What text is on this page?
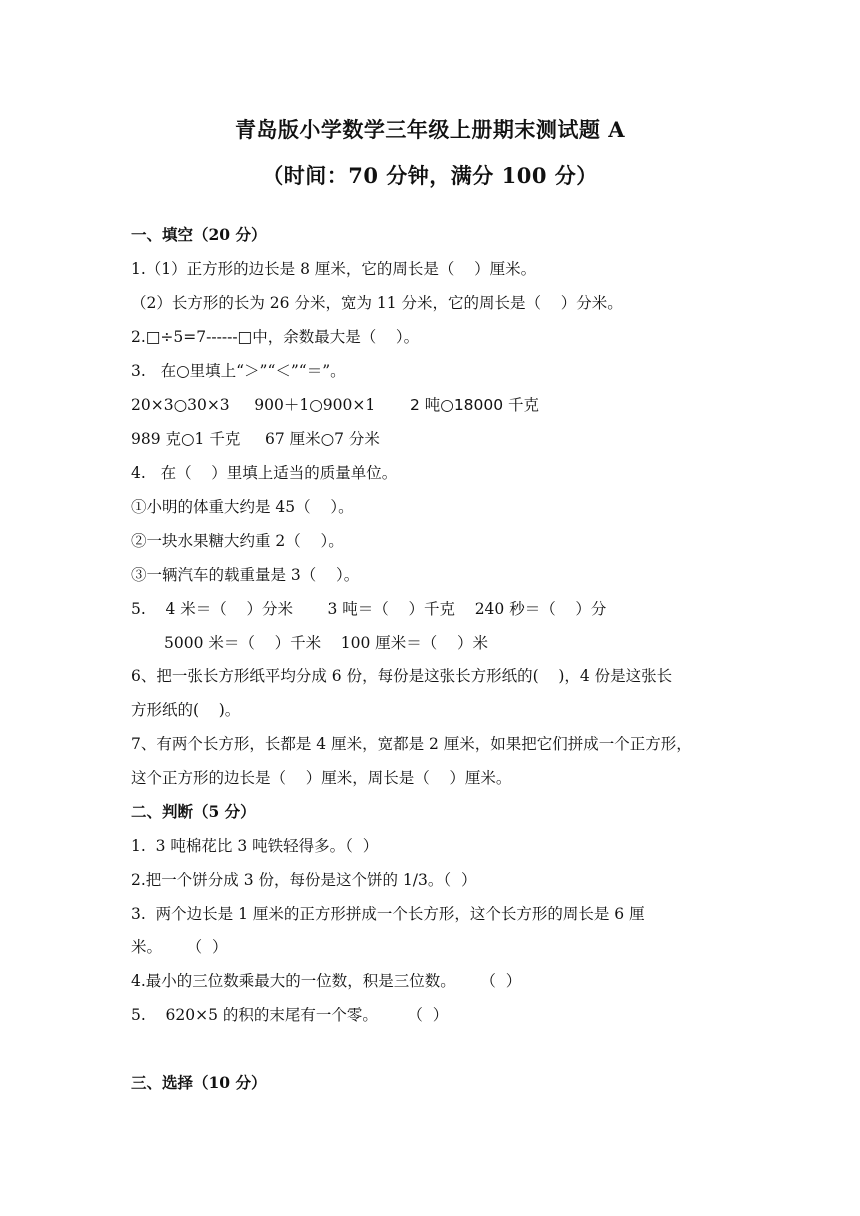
青岛版小学数学三年级上册期末测试题 A
（时间：70 分钟，满分 100 分）
一、填空（20 分）
1.（1）正方形的边长是 8 厘米，它的周长是（    ）厘米。
（2）长方形的长为 26 分米，宽为 11 分米，它的周长是（    ）分米。
2.□÷5=7------□中，余数最大是（    ）。
3.   在○里填上“＞”“＜”“＝”。
20×3○30×3     900＋1○900×1 2 吨○18000 千克
989 克○1 千克     67 厘米○7 分米
4.   在（    ）里填上适当的质量单位。
①小明的体重大约是 45（    ）。
②一块水果糖大约重 2（    ）。
③一辆汽车的载重量是 3（    ）。
5.    4 米＝（    ）分米       3 吨＝（    ）千克    240 秒＝（    ）分
5000 米＝（    ）千米    100 厘米＝（    ）米
6、把一张长方形纸平均分成 6 份，每份是这张长方形纸的(    )，4 份是这张长
方形纸的(    )。
7、有两个长方形，长都是 4 厘米，宽都是 2 厘米，如果把它们拼成一个正方形，
这个正方形的边长是（    ）厘米，周长是（    ）厘米。
二、判断（5 分）
1.  3 吨棉花比 3 吨铁轻得多。（  ）
2.把一个饼分成 3 份，每份是这个饼的 1/3。（  ）
3.  两个边长是 1 厘米的正方形拼成一个长方形，这个长方形的周长是 6 厘
米。     （  ）
4.最小的三位数乘最大的一位数，积是三位数。     （  ）
5.    620×5 的积的末尾有一个零。      （  ）
三、选择（10 分）
